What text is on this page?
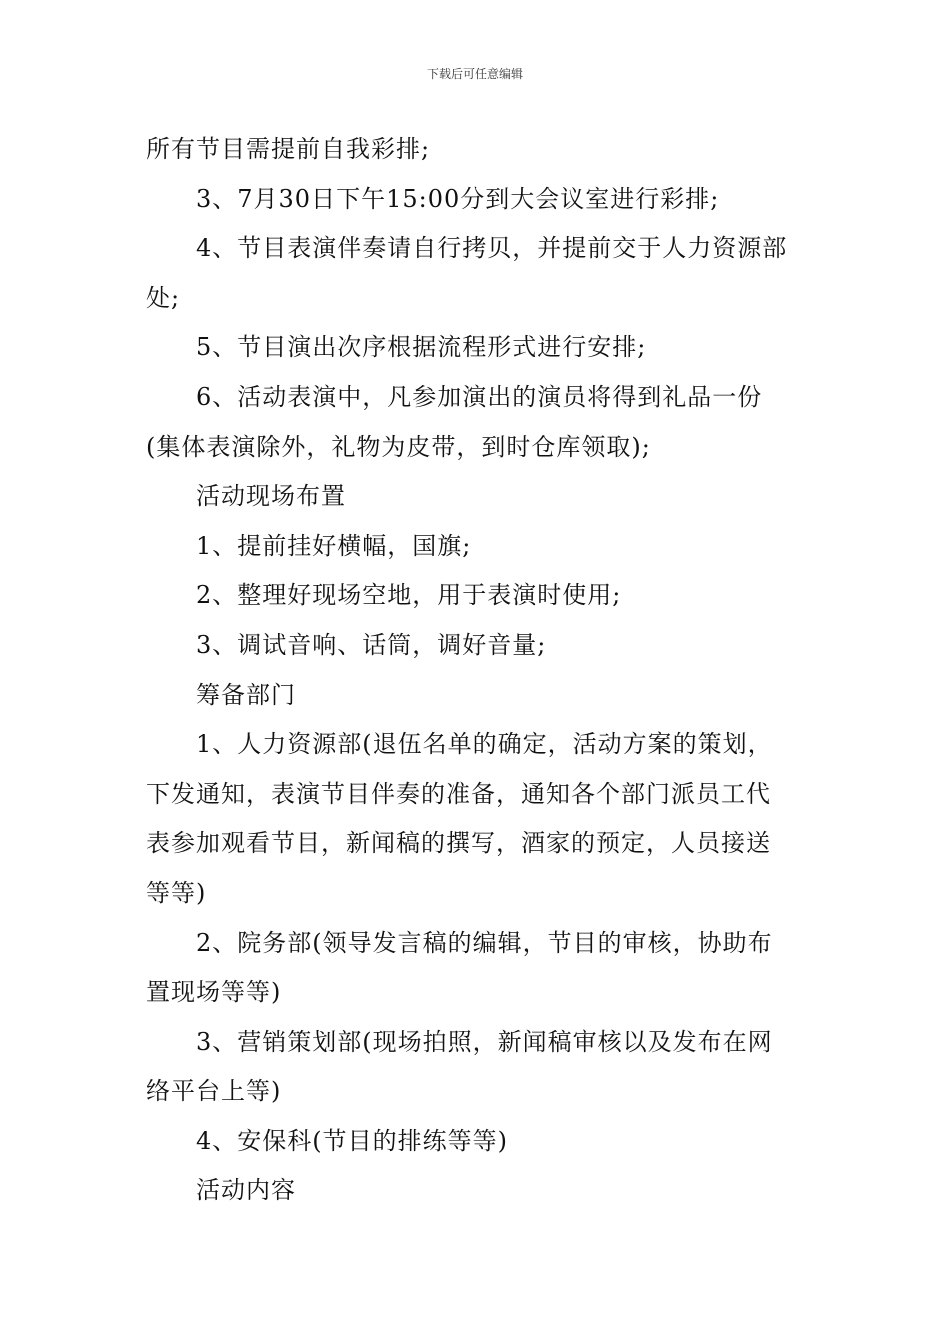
下载后可任意编辑

所有节目需提前自我彩排;

3、7月30日下午15:00分到大会议室进行彩排;

4、节目表演伴奏请自行拷贝，并提前交于人力资源部

处;

5、节目演出次序根据流程形式进行安排;

6、活动表演中，凡参加演出的演员将得到礼品一份

(集体表演除外，礼物为皮带，到时仓库领取);

活动现场布置

1、提前挂好横幅，国旗;

2、整理好现场空地，用于表演时使用;

3、调试音响、话筒，调好音量;

筹备部门

1、人力资源部(退伍名单的确定，活动方案的策划，

下发通知，表演节目伴奏的准备，通知各个部门派员工代

表参加观看节目，新闻稿的撰写，酒家的预定，人员接送

等等)

2、院务部(领导发言稿的编辑，节目的审核，协助布

置现场等等)

3、营销策划部(现场拍照，新闻稿审核以及发布在网

络平台上等)

4、安保科(节目的排练等等)

活动内容
